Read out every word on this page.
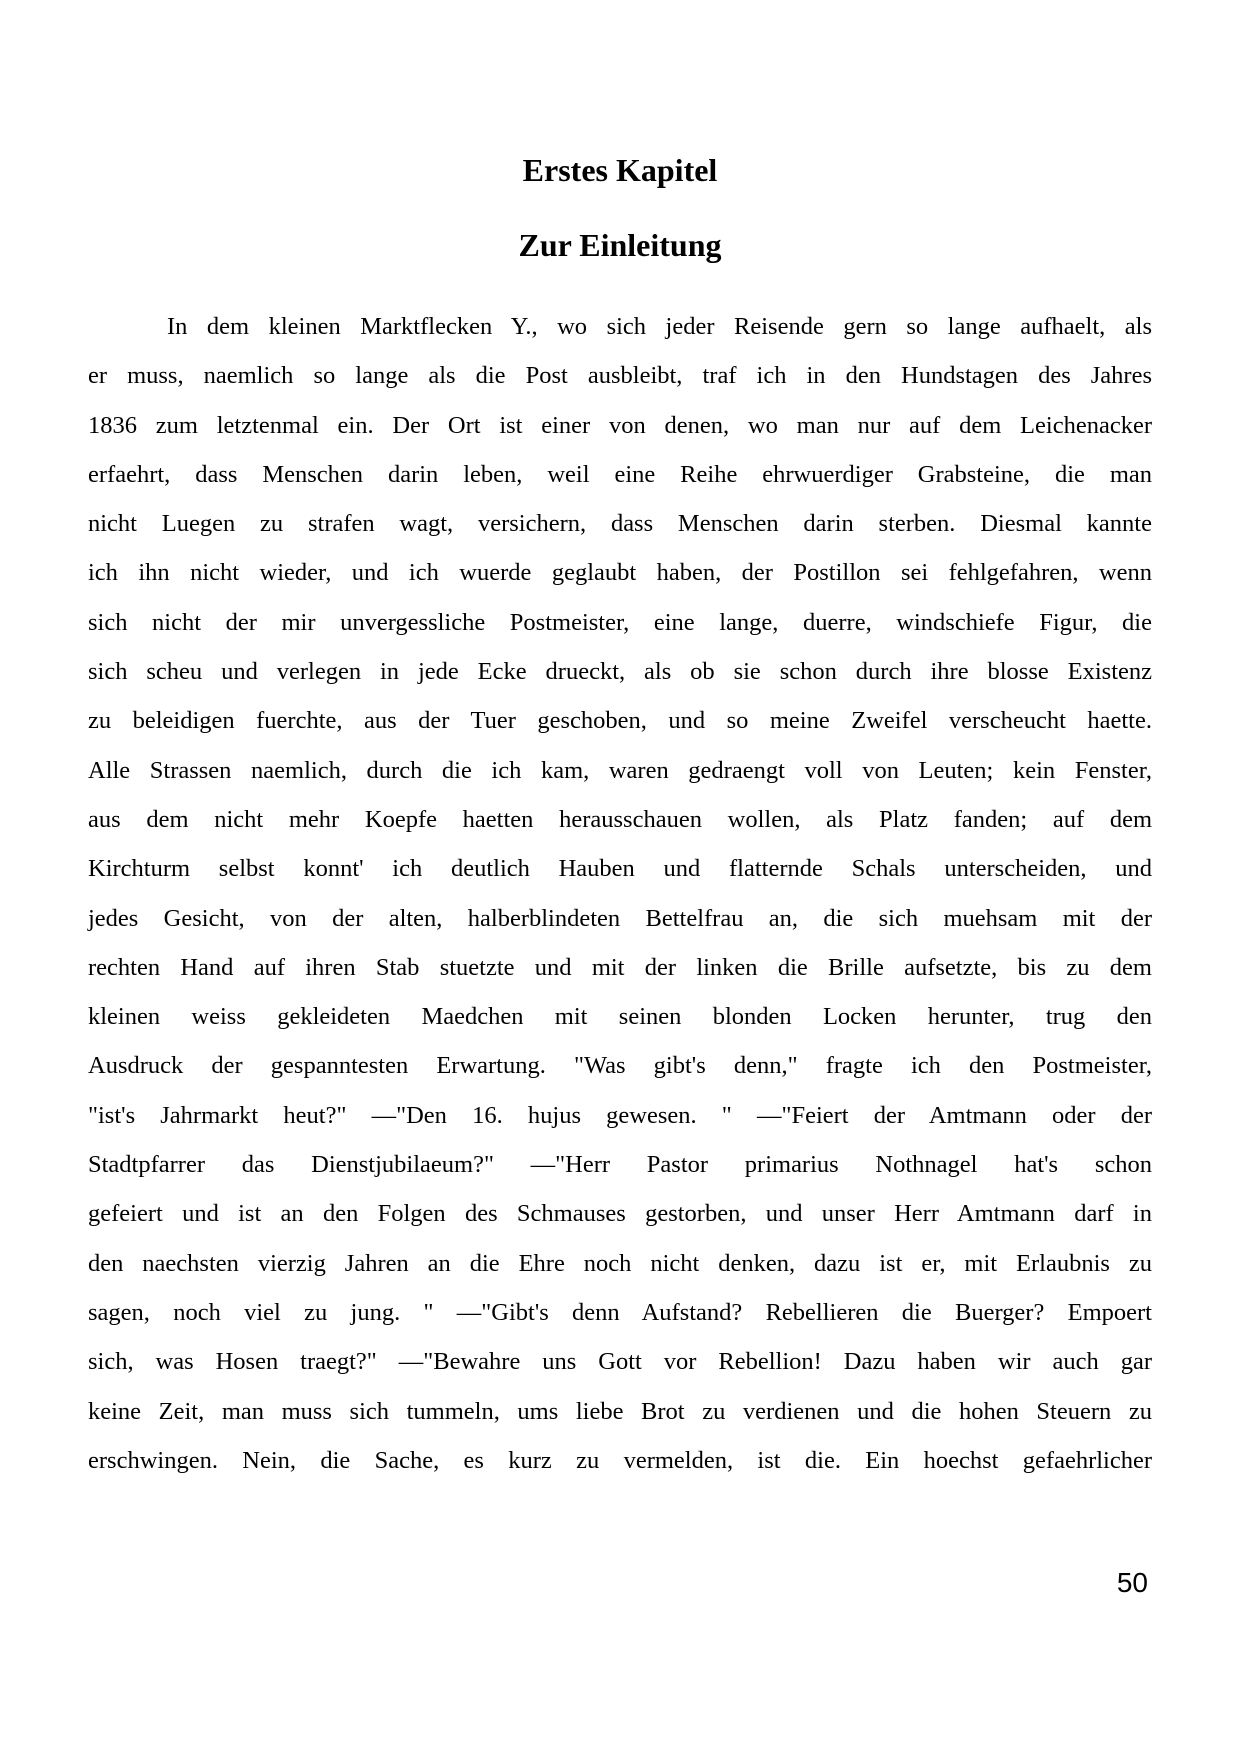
Erstes Kapitel
Zur Einleitung
In dem kleinen Marktflecken Y., wo sich jeder Reisende gern so lange aufhaelt, als
er muss, naemlich so lange als die Post ausbleibt, traf ich in den Hundstagen des Jahres
1836 zum letztenmal ein. Der Ort ist einer von denen, wo man nur auf dem Leichenacker
erfaehrt, dass Menschen darin leben, weil eine Reihe ehrwuerdiger Grabsteine, die man
nicht Luegen zu strafen wagt, versichern, dass Menschen darin sterben. Diesmal kannte
ich ihn nicht wieder, und ich wuerde geglaubt haben, der Postillon sei fehlgefahren, wenn
sich nicht der mir unvergessliche Postmeister, eine lange, duerre, windschiefe Figur, die
sich scheu und verlegen in jede Ecke drueckt, als ob sie schon durch ihre blosse Existenz
zu beleidigen fuerchte, aus der Tuer geschoben, und so meine Zweifel verscheucht haette.
Alle Strassen naemlich, durch die ich kam, waren gedraengt voll von Leuten; kein Fenster,
aus dem nicht mehr Koepfe haetten herausschauen wollen, als Platz fanden; auf dem
Kirchturm selbst konnt' ich deutlich Hauben und flatternde Schals unterscheiden, und
jedes Gesicht, von der alten, halberblindeten Bettelfrau an, die sich muehsam mit der
rechten Hand auf ihren Stab stuetzte und mit der linken die Brille aufsetzte, bis zu dem
kleinen weiss gekleideten Maedchen mit seinen blonden Locken herunter, trug den
Ausdruck der gespanntesten Erwartung. "Was gibt's denn," fragte ich den Postmeister,
"ist's Jahrmarkt heut?" —"Den 16. hujus gewesen. " —"Feiert der Amtmann oder der
Stadtpfarrer das Dienstjubilaeum?" —"Herr Pastor primarius Nothnagel hat's schon
gefeiert und ist an den Folgen des Schmauses gestorben, und unser Herr Amtmann darf in
den naechsten vierzig Jahren an die Ehre noch nicht denken, dazu ist er, mit Erlaubnis zu
sagen, noch viel zu jung. " —"Gibt's denn Aufstand? Rebellieren die Buerger? Empoert
sich, was Hosen traegt?" —"Bewahre uns Gott vor Rebellion! Dazu haben wir auch gar
keine Zeit, man muss sich tummeln, ums liebe Brot zu verdienen und die hohen Steuern zu
erschwingen. Nein, die Sache, es kurz zu vermelden, ist die. Ein hoechst gefaehrlicher
50
